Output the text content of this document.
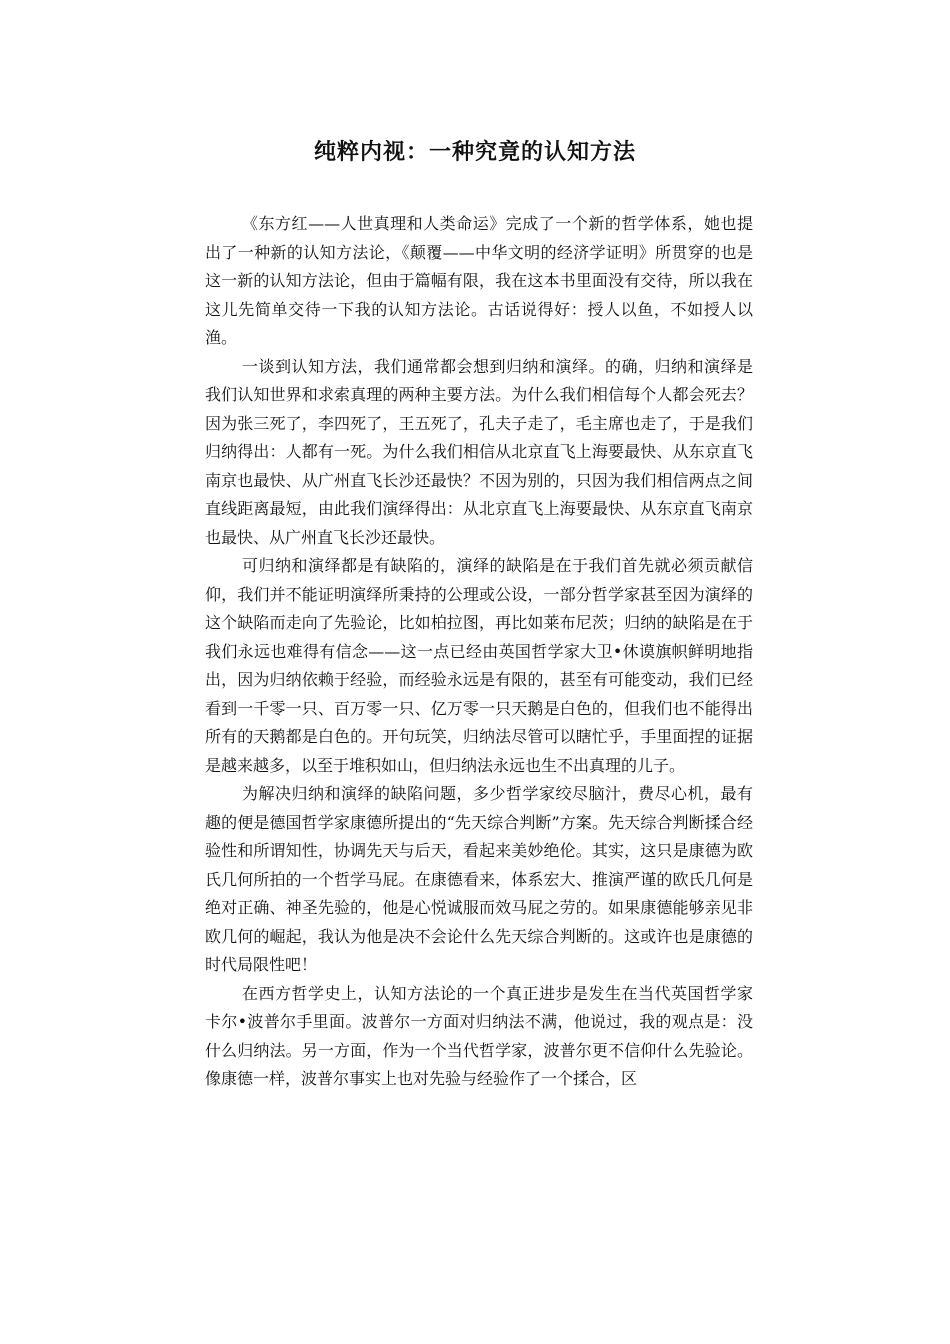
纯粹内视：一种究竟的认知方法

《东方红——人世真理和人类命运》完成了一个新的哲学体系，她也提出了一种新的认知方法论，《颠覆——中华文明的经济学证明》所贯穿的也是这一新的认知方法论，但由于篇幅有限，我在这本书里面没有交待，所以我在这儿先简单交待一下我的认知方法论。古话说得好：授人以鱼，不如授人以渔。

一谈到认知方法，我们通常都会想到归纳和演绎。的确，归纳和演绎是我们认知世界和求索真理的两种主要方法。为什么我们相信每个人都会死去？因为张三死了，李四死了，王五死了，孔夫子走了，毛主席也走了，于是我们归纳得出：人都有一死。为什么我们相信从北京直飞上海要最快、从东京直飞南京也最快、从广州直飞长沙还最快？不因为别的，只因为我们相信两点之间直线距离最短，由此我们演绎得出：从北京直飞上海要最快、从东京直飞南京也最快、从广州直飞长沙还最快。

可归纳和演绎都是有缺陷的，演绎的缺陷是在于我们首先就必须贡献信仰，我们并不能证明演绎所秉持的公理或公设，一部分哲学家甚至因为演绎的这个缺陷而走向了先验论，比如柏拉图，再比如莱布尼茨；归纳的缺陷是在于我们永远也难得有信念——这一点已经由英国哲学家大卫•休谟旗帜鲜明地指出，因为归纳依赖于经验，而经验永远是有限的，甚至有可能变动，我们已经看到一千零一只、百万零一只、亿万零一只天鹅是白色的，但我们也不能得出所有的天鹅都是白色的。开句玩笑，归纳法尽管可以瞎忙乎，手里面捏的证据是越来越多，以至于堆积如山，但归纳法永远也生不出真理的儿子。

为解决归纳和演绎的缺陷问题，多少哲学家绞尽脑汁，费尽心机，最有趣的便是德国哲学家康德所提出的“先天综合判断”方案。先天综合判断揉合经验性和所谓知性，协调先天与后天，看起来美妙绝伦。其实，这只是康德为欧氏几何所拍的一个哲学马屁。在康德看来，体系宏大、推演严谨的欧氏几何是绝对正确、神圣先验的，他是心悦诚服而效马屁之劳的。如果康德能够亲见非欧几何的崛起，我认为他是决不会论什么先天综合判断的。这或许也是康德的时代局限性吧！

在西方哲学史上，认知方法论的一个真正进步是发生在当代英国哲学家卡尔•波普尔手里面。波普尔一方面对归纳法不满，他说过，我的观点是：没什么归纳法。另一方面，作为一个当代哲学家，波普尔更不信仰什么先验论。像康德一样，波普尔事实上也对先验与经验作了一个揉合，区
